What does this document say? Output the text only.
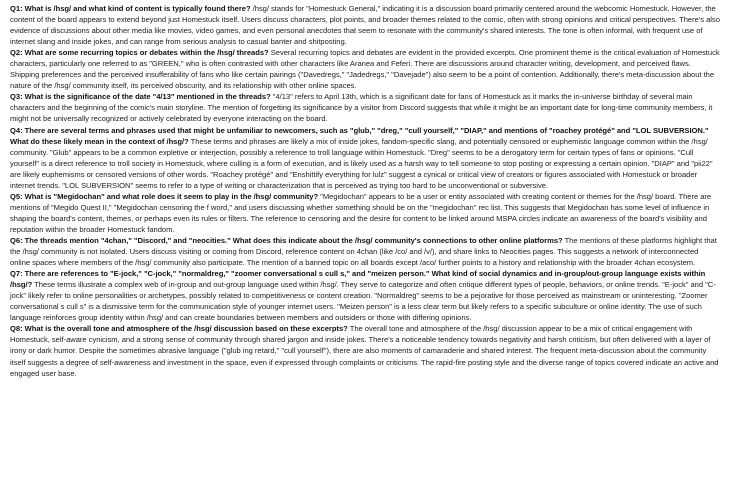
Q1: What is /hsg/ and what kind of content is typically found there? /hsg/ stands for "Homestuck General," indicating it is a discussion board primarily centered around the webcomic Homestuck. However, the content of the board appears to extend beyond just Homestuck itself. Users discuss characters, plot points, and broader themes related to the comic, often with strong opinions and critical perspectives. There's also evidence of discussions about other media like movies, video games, and even personal anecdotes that seem to resonate with the community's shared interests. The tone is often informal, with frequent use of internet slang and inside jokes, and can range from serious analysis to casual banter and shitposting.

Q2: What are some recurring topics or debates within the /hsg/ threads? Several recurring topics and debates are evident in the provided excerpts. One prominent theme is the critical evaluation of Homestuck characters, particularly one referred to as "GREEN," who is often contrasted with other characters like Aranea and Feferi. There are discussions around character writing, development, and perceived flaws. Shipping preferences and the perceived insufferability of fans who like certain pairings ("Davedregs," "Jadedregs," "Davejade") also seem to be a point of contention. Additionally, there's meta-discussion about the nature of the /hsg/ community itself, its perceived obscurity, and its relationship with other online spaces.

Q3: What is the significance of the date "4/13" mentioned in the threads? "4/13" refers to April 13th, which is a significant date for fans of Homestuck as it marks the in-universe birthday of several main characters and the beginning of the comic's main storyline. The mention of forgetting its significance by a visitor from Discord suggests that while it might be an important date for long-time community members, it might not be universally recognized or actively celebrated by everyone interacting on the board.

Q4: There are several terms and phrases used that might be unfamiliar to newcomers, such as "glub," "dreg," "cull yourself," "DIAP," and mentions of "roachey protégé" and "LOL SUBVERSION." What do these likely mean in the context of /hsg/? These terms and phrases are likely a mix of inside jokes, fandom-specific slang, and potentially censored or euphemistic language common within the /hsg/ community. "Glub" appears to be a common expletive or interjection, possibly a reference to troll language within Homestuck. "Dreg" seems to be a derogatory term for certain types of fans or opinions. "Cull yourself" is a direct reference to troll society in Homestuck, where culling is a form of execution, and is likely used as a harsh way to tell someone to stop posting or expressing a certain opinion. "DIAP" and "pii22" are likely euphemisms or censored versions of other words. "Roachey protégé" and "Enshittify everything for lulz" suggest a cynical or critical view of creators or figures associated with Homestuck or broader internet trends. "LOL SUBVERSION" seems to refer to a type of writing or characterization that is perceived as trying too hard to be unconventional or subversive.

Q5: What is "Megidochan" and what role does it seem to play in the /hsg/ community? "Megidochan" appears to be a user or entity associated with creating content or themes for the /hsg/ board. There are mentions of "Megido Quest II," "Megidochan censoring the f word," and users discussing whether something should be on the "megidochan" rec list. This suggests that Megidochan has some level of influence in shaping the board's content, themes, or perhaps even its rules or filters. The reference to censoring and the desire for content to be linked around MSPA circles indicate an awareness of the board's visibility and reputation within the broader Homestuck fandom.

Q6: The threads mention "4chan," "Discord," and "neocities." What does this indicate about the /hsg/ community's connections to other online platforms? The mentions of these platforms highlight that the /hsg/ community is not isolated. Users discuss visiting or coming from Discord, reference content on 4chan (like /co/ and /v/), and share links to Neocities pages. This suggests a network of interconnected online spaces where members of the /hsg/ community also participate. The mention of a banned topic on all boards except /aco/ further points to a history and relationship with the broader 4chan ecosystem.

Q7: There are references to "E-jock," "C-jock," "normaldreg," "zoomer conversational s cull s," and "meizen person." What kind of social dynamics and in-group/out-group language exists within /hsg/? These terms illustrate a complex web of in-group and out-group language used within /hsg/. They serve to categorize and often critique different types of people, behaviors, or online trends. "E-jock" and "C-jock" likely refer to online personalities or archetypes, possibly related to competitiveness or content creation. "Normaldreg" seems to be a pejorative for those perceived as mainstream or uninteresting. "Zoomer conversational s cull s" is a dismissive term for the communication style of younger internet users. "Meizen person" is a less clear term but likely refers to a specific subculture or online identity. The use of such language reinforces group identity within /hsg/ and can create boundaries between members and outsiders or those with differing opinions.

Q8: What is the overall tone and atmosphere of the /hsg/ discussion based on these excerpts? The overall tone and atmosphere of the /hsg/ discussion appear to be a mix of critical engagement with Homestuck, self-aware cynicism, and a strong sense of community through shared jargon and inside jokes. There's a noticeable tendency towards negativity and harsh criticism, but often delivered with a layer of irony or dark humor. Despite the sometimes abrasive language ("glub ing retard," "cull yourself"), there are also moments of camaraderie and shared interest. The frequent meta-discussion about the community itself suggests a degree of self-awareness and investment in the space, even if expressed through complaints or criticisms. The rapid-fire posting style and the diverse range of topics covered indicate an active and engaged user base.
